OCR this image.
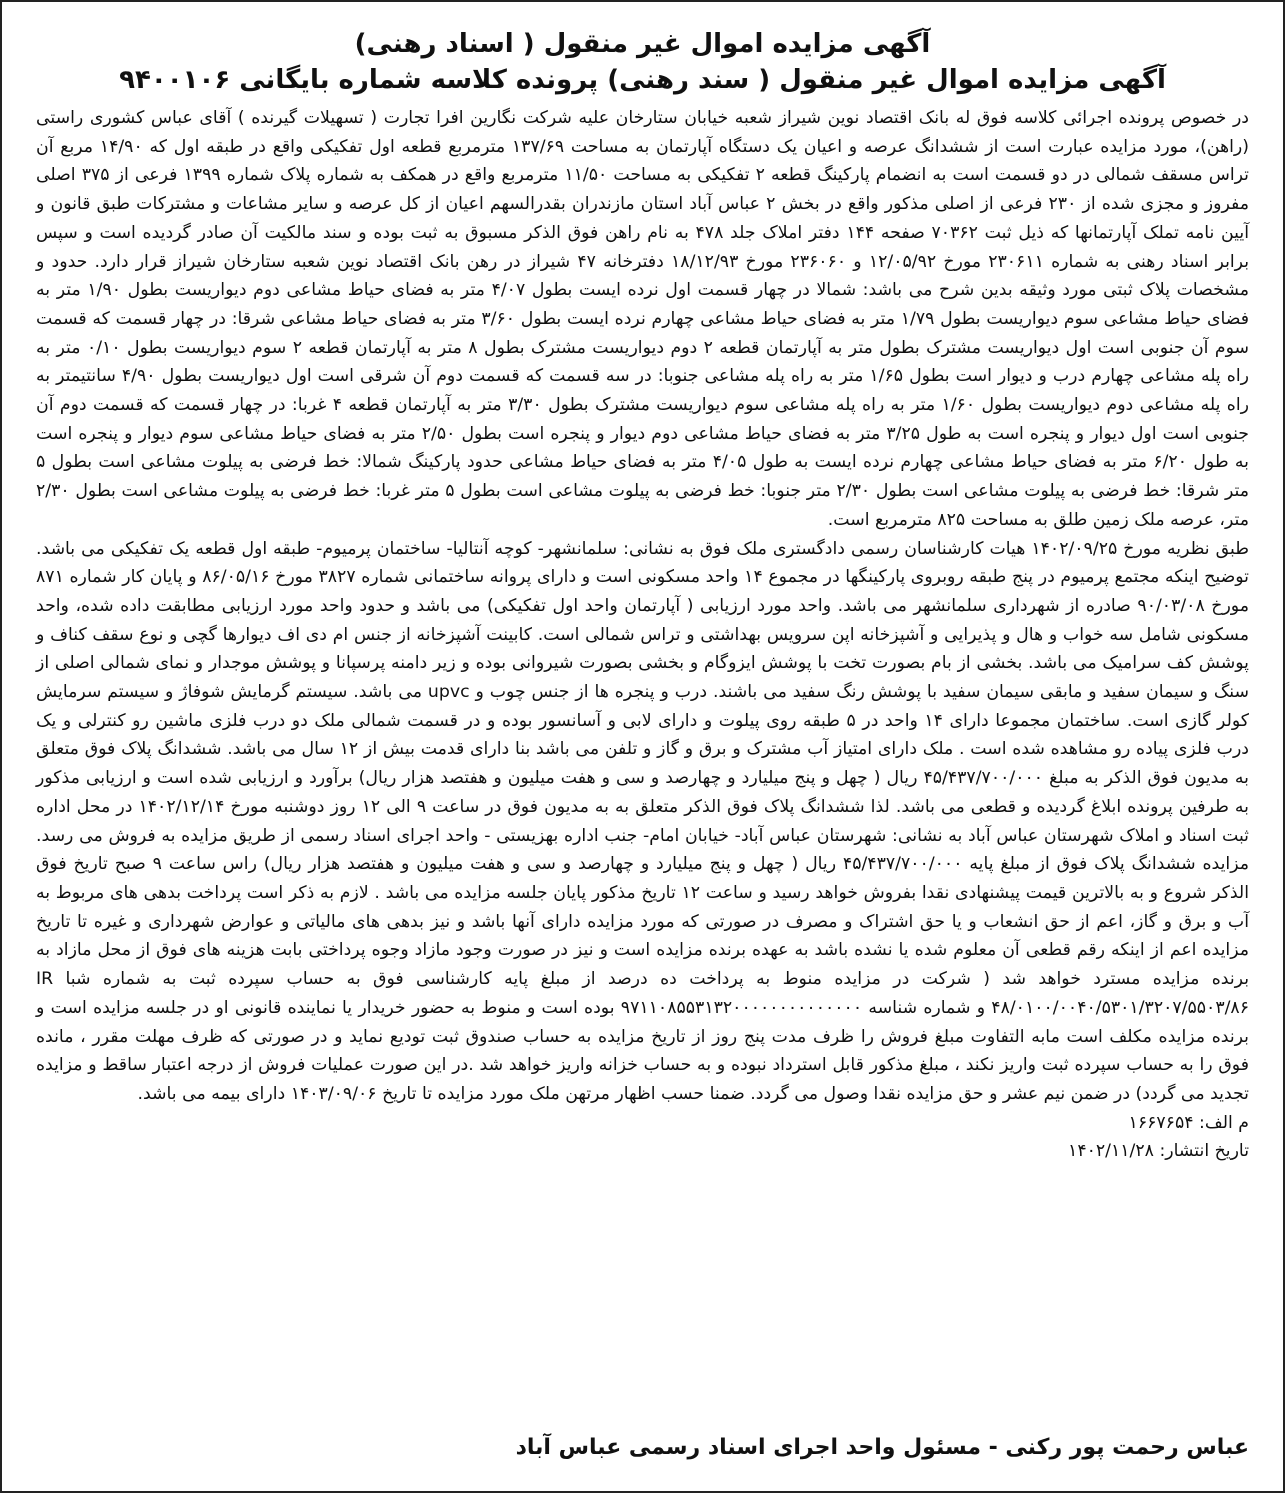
آگهی مزایده اموال غیر منقول ( اسناد رهنی)
آگهی مزایده اموال غیر منقول ( سند رهنی) پرونده کلاسه شماره بایگانی ۹۴۰۰۱۰۶

در خصوص پرونده اجرائی کلاسه فوق له بانک اقتصاد نوین شیراز شعبه خیابان ستارخان علیه شرکت نگارین افرا تجارت ( تسهیلات گیرنده ) آقای عباس کشوری راستی (راهن)، مورد مزایده عبارت است از ششدانگ عرصه و اعیان یک دستگاه آپارتمان به مساحت ۱۳۷/۶۹ مترمربع قطعه اول تفکیکی واقع در طبقه اول که ۱۴/۹۰ مربع آن تراس مسقف شمالی در دو قسمت است به انضمام پارکینگ قطعه ۲ تفکیکی به مساحت ۱۱/۵۰ مترمربع واقع در همکف به شماره پلاک شماره ۱۳۹۹ فرعی از ۳۷۵ اصلی مفروز و مجزی شده از ۲۳۰ فرعی از اصلی مذکور واقع در بخش ۲ عباس آباد استان مازندران بقدرالسهم اعیان از کل عرصه و سایر مشاعات و مشترکات طبق قانون و آیین نامه تملک آپارتمانها که ذیل ثبت ۷۰۳۶۲ صفحه ۱۴۴ دفتر املاک جلد ۴۷۸ به نام راهن فوق الذکر مسبوق به ثبت بوده و سند مالکیت آن صادر گردیده است و سپس برابر اسناد رهنی به شماره ۲۳۰۶۱۱ مورخ ۱۲/۰۵/۹۲ و ۲۳۶۰۶۰ مورخ ۱۸/۱۲/۹۳ دفترخانه ۴۷ شیراز در رهن بانک اقتصاد نوین شعبه ستارخان شیراز قرار دارد. حدود و مشخصات پلاک ثبتی مورد وثیقه بدین شرح می باشد: شمالا در چهار قسمت اول نرده ایست بطول ۴/۰۷ متر به فضای حیاط مشاعی دوم دیواریست بطول ۱/۹۰ متر به فضای حیاط مشاعی سوم دیواریست بطول ۱/۷۹ متر به فضای حیاط مشاعی چهارم نرده ایست بطول ۳/۶۰ متر به فضای حیاط مشاعی شرقا: در چهار قسمت که قسمت سوم آن جنوبی است اول دیواریست مشترک بطول متر به آپارتمان قطعه ۲ دوم دیواریست مشترک بطول ۸ متر به آپارتمان قطعه ۲ سوم دیواریست بطول ۰/۱۰ متر به راه پله مشاعی چهارم درب و دیوار است بطول ۱/۶۵ متر به راه پله مشاعی جنوبا: در سه قسمت که قسمت دوم آن شرقی است اول دیواریست بطول ۴/۹۰ سانتیمتر به راه پله مشاعی دوم دیواریست بطول ۱/۶۰ متر به راه پله مشاعی سوم دیواریست مشترک بطول ۳/۳۰ متر به آپارتمان قطعه ۴ غربا: در چهار قسمت که قسمت دوم آن جنوبی است اول دیوار و پنجره است به طول ۳/۲۵ متر به فضای حیاط مشاعی دوم دیوار و پنجره است بطول ۲/۵۰ متر به فضای حیاط مشاعی سوم دیوار و پنجره است به طول ۶/۲۰ متر به فضای حیاط مشاعی چهارم نرده ایست به طول ۴/۰۵ متر به فضای حیاط مشاعی حدود پارکینگ شمالا: خط فرضی به پیلوت مشاعی است بطول ۵ متر شرقا: خط فرضی به پیلوت مشاعی است بطول ۲/۳۰ متر جنوبا: خط فرضی به پیلوت مشاعی است بطول ۵ متر غربا: خط فرضی به پیلوت مشاعی است بطول ۲/۳۰ متر، عرصه ملک زمین طلق به مساحت ۸۲۵ مترمربع است.

طبق نظریه مورخ ۱۴۰۲/۰۹/۲۵ هیات کارشناسان رسمی دادگستری ملک فوق به نشانی: سلمانشهر- کوچه آنتالیا- ساختمان پرمیوم- طبقه اول قطعه یک تفکیکی می باشد. توضیح اینکه مجتمع پرمیوم در پنج طبقه روبروی پارکینگها در مجموع ۱۴ واحد مسکونی است و دارای پروانه ساختمانی شماره ۳۸۲۷ مورخ ۸۶/۰۵/۱۶ و پایان کار شماره ۸۷۱ مورخ ۹۰/۰۳/۰۸ صادره از شهرداری سلمانشهر می باشد. واحد مورد ارزیابی ( آپارتمان واحد اول تفکیکی) می باشد و حدود واحد مورد ارزیابی مطابقت داده شده، واحد مسکونی شامل سه خواب و هال و پذیرایی و آشپزخانه اپن سرویس بهداشتی و تراس شمالی است. کابینت آشپزخانه از جنس ام دی اف دیوارها گچی و نوع سقف کناف و پوشش کف سرامیک می باشد. بخشی از بام بصورت تخت با پوشش ایزوگام و بخشی بصورت شیروانی بوده و زیر دامنه پرسپانا و پوشش موجدار و نمای شمالی اصلی از سنگ و سیمان سفید و مابقی سیمان سفید با پوشش رنگ سفید می باشند. درب و پنجره ها از جنس چوب و upvc می باشد. سیستم گرمایش شوفاژ و سیستم سرمایش کولر گازی است. ساختمان مجموعا دارای ۱۴ واحد در ۵ طبقه روی پیلوت و دارای لابی و آسانسور بوده و در قسمت شمالی ملک دو درب فلزی ماشین رو کنترلی و یک درب فلزی پیاده رو مشاهده شده است . ملک دارای امتیاز آب مشترک و برق و گاز و تلفن می باشد بنا دارای قدمت بیش از ۱۲ سال می باشد. ششدانگ پلاک فوق متعلق به مدیون فوق الذکر به مبلغ ۴۵/۴۳۷/۷۰۰/۰۰۰ ریال ( چهل و پنج میلیارد و چهارصد و سی و هفت میلیون و هفتصد هزار ریال) برآورد و ارزیابی شده است و ارزیابی مذکور به طرفین پرونده ابلاغ گردیده و قطعی می باشد. لذا ششدانگ پلاک فوق الذکر متعلق به به مدیون فوق در ساعت ۹ الی ۱۲ روز دوشنبه مورخ ۱۴۰۲/۱۲/۱۴ در محل اداره ثبت اسناد و املاک شهرستان عباس آباد به نشانی: شهرستان عباس آباد- خیابان امام- جنب اداره بهزیستی - واحد اجرای اسناد رسمی از طریق مزایده به فروش می رسد. مزایده ششدانگ پلاک فوق از مبلغ پایه ۴۵/۴۳۷/۷۰۰/۰۰۰ ریال ( چهل و پنج میلیارد و چهارصد و سی و هفت میلیون و هفتصد هزار ریال) راس ساعت ۹ صبح تاریخ فوق الذکر شروع و به بالاترین قیمت پیشنهادی نقدا بفروش خواهد رسید و ساعت ۱۲ تاریخ مذکور پایان جلسه مزایده می باشد . لازم به ذکر است پرداخت بدهی های مربوط به آب و برق و گاز، اعم از حق انشعاب و یا حق اشتراک و مصرف در صورتی که مورد مزایده دارای آنها باشد و نیز بدهی های مالیاتی و عوارض شهرداری و غیره تا تاریخ مزایده اعم از اینکه رقم قطعی آن معلوم شده یا نشده باشد به عهده برنده مزایده است و نیز در صورت وجود مازاد وجوه پرداختی بابت هزینه های فوق از محل مازاد به برنده مزایده مسترد خواهد شد ( شرکت در مزایده منوط به پرداخت ده درصد از مبلغ پایه کارشناسی فوق به حساب سپرده ثبت به شماره شبا IR ۴۸/۰۱۰۰/۰۰۴۰/۵۳۰۱/۳۲۰۷/۵۵۰۳/۸۶ و شماره شناسه ۹۷۱۱۰۸۵۵۳۱۳۲۰۰۰۰۰۰۰۰۰۰۰۰۰۰ بوده است و منوط به حضور خریدار یا نماینده قانونی او در جلسه مزایده است و برنده مزایده مکلف است مابه التفاوت مبلغ فروش را ظرف مدت پنج روز از تاریخ مزایده به حساب صندوق ثبت توديع نماید و در صورتی که ظرف مهلت مقرر ، مانده فوق را به حساب سپرده ثبت واریز نکند ، مبلغ مذکور قابل استرداد نبوده و به حساب خزانه واریز خواهد شد .در این صورت عملیات فروش از درجه اعتبار ساقط و مزایده تجدید می گردد) در ضمن نیم عشر و حق مزایده نقدا وصول می گردد. ضمنا حسب اظهار مرتهن ملک مورد مزایده تا تاریخ ۱۴۰۳/۰۹/۰۶ دارای بیمه می باشد.

م الف: ۱۶۶۷۶۵۴

تاریخ انتشار: ۱۴۰۲/۱۱/۲۸

عباس رحمت پور رکنی - مسئول واحد اجرای اسناد رسمی عباس آباد
